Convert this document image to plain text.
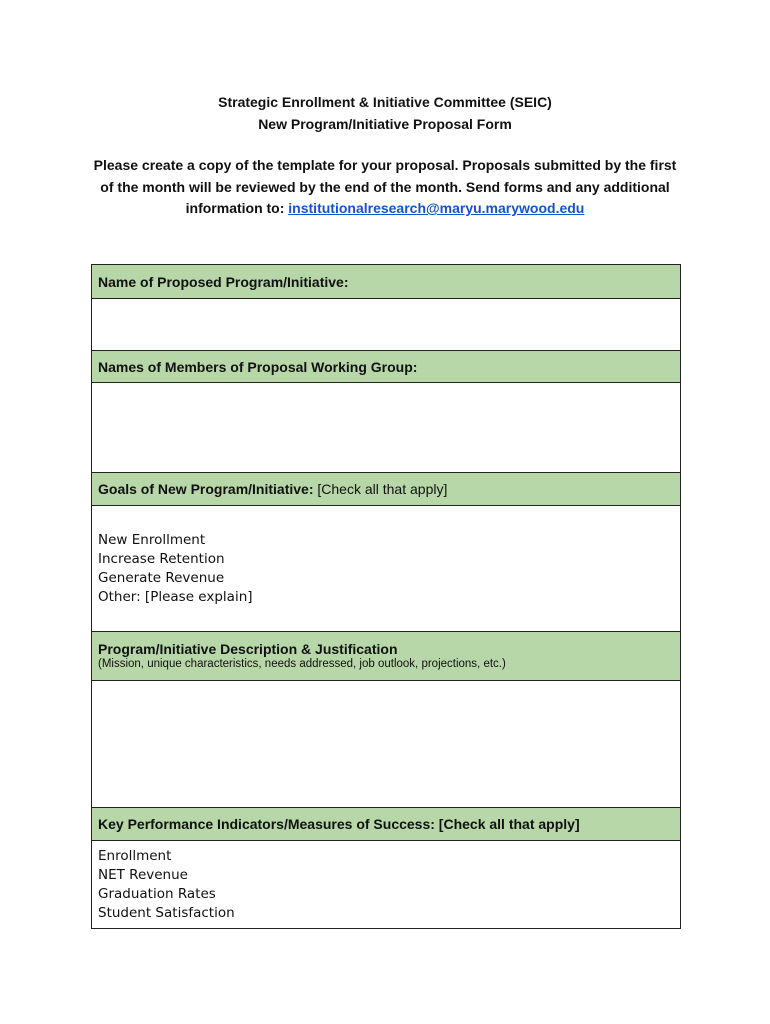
Strategic Enrollment & Initiative Committee (SEIC)
New Program/Initiative Proposal Form
Please create a copy of the template for your proposal. Proposals submitted by the first of the month will be reviewed by the end of the month. Send forms and any additional information to: institutionalresearch@maryu.marywood.edu
Name of Proposed Program/Initiative:

Names of Members of Proposal Working Group:

Goals of New Program/Initiative: [Check all that apply]

New Enrollment
Increase Retention
Generate Revenue
Other: [Please explain]

Program/Initiative Description & Justification
(Mission, unique characteristics, needs addressed, job outlook, projections, etc.)

Key Performance Indicators/Measures of Success: [Check all that apply]

Enrollment
NET Revenue
Graduation Rates
Student Satisfaction
